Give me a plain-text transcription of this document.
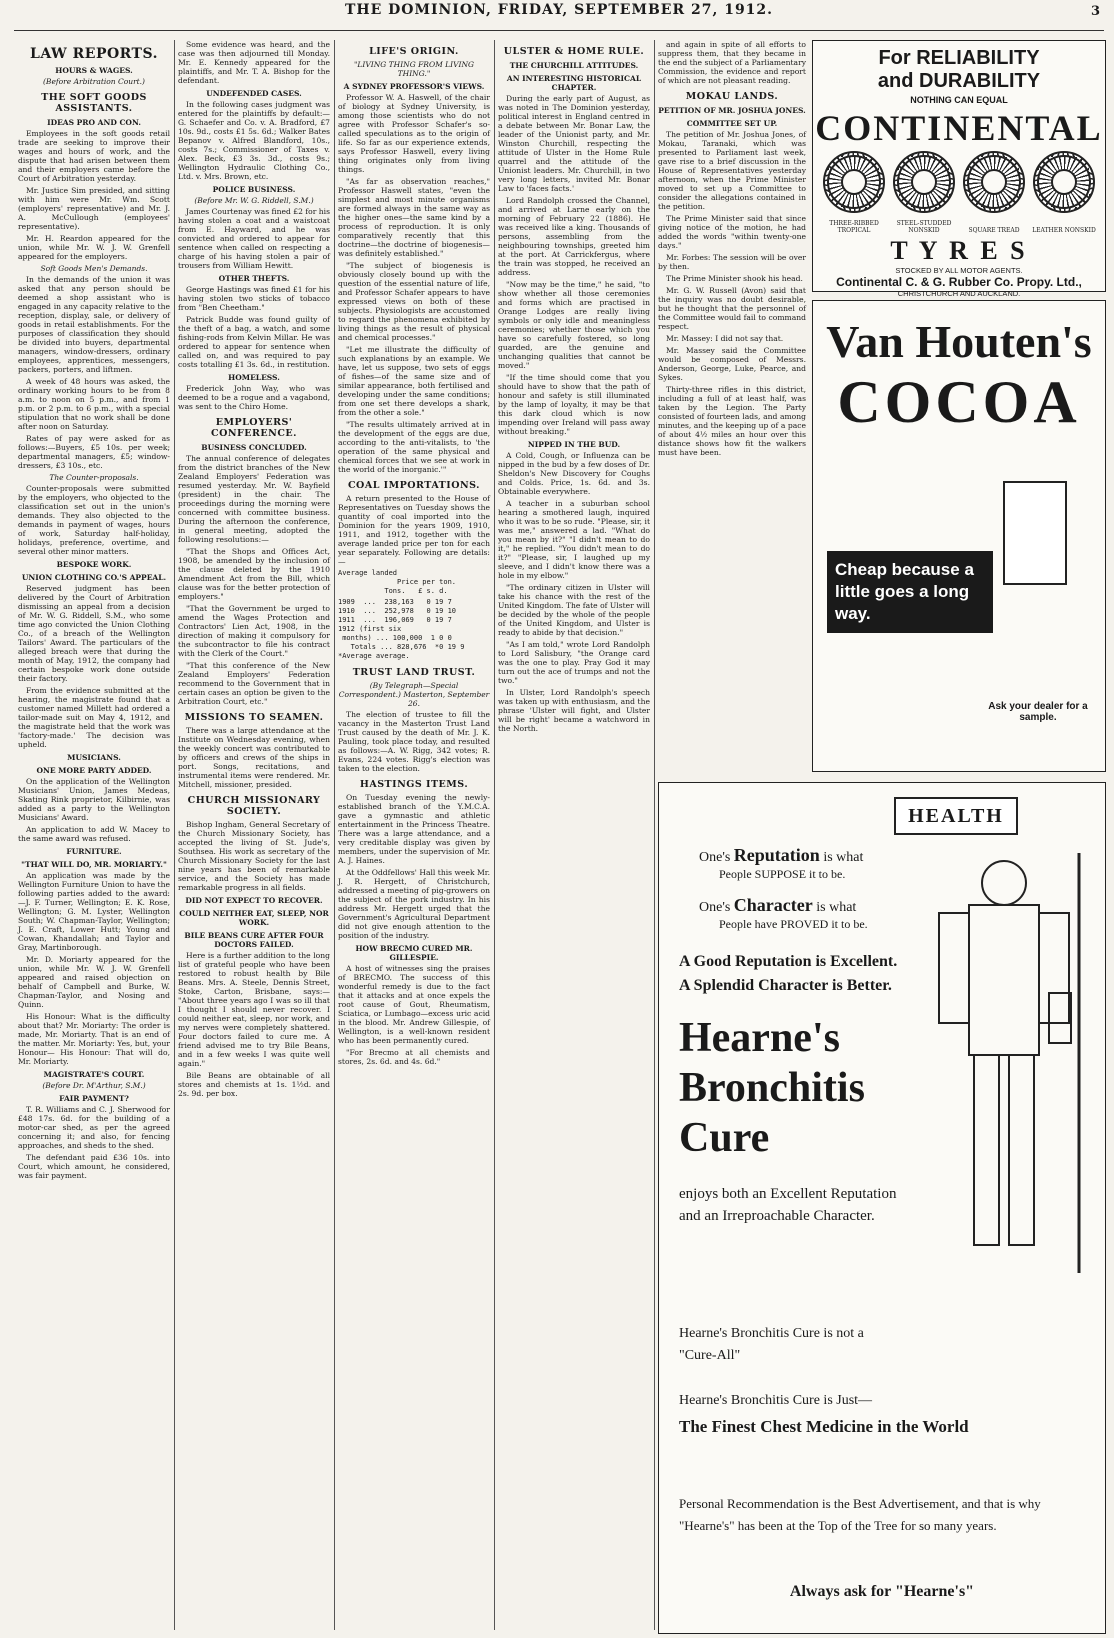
THE DOMINION, FRIDAY, SEPTEMBER 27, 1912.	3
LAW REPORTS.
HOURS & WAGES.
(Before Arbitration Court.)
THE SOFT GOODS ASSISTANTS.
IDEAS PRO AND CON.

Employees in the soft goods retail trade are seeking to improve their wages and hours of work, and the dispute that had arisen between them and their employers came before the Court of Arbitration yesterday.

Mr. Justice Sim presided, and sitting with him were Mr. Wm. Scott (employers' representative) and Mr. J. A. McCullough (employees' representative).

Mr. H. Reardon appeared for the union, while Mr. W. J. W. Grenfell appeared for the employers.

Soft Goods Men's Demands.

In the demands of the union it was asked that any person should be deemed a shop assistant who is engaged in any capacity relative to the reception, display, sale, or delivery of goods in retail establishments. For the purposes of classification they should be divided into buyers, departmental managers, window-dressers, ordinary employees, apprentices, messengers, packers, porters, and liftmen.

A week of 48 hours was asked, the ordinary working hours to be from 8 a.m. to noon on 5 p.m., and from 1 p.m. or 2 p.m. to 6 p.m., with a special stipulation that no work shall be done after noon on Saturday.

Rates of pay were asked for as follows:—Buyers, £5 10s. per week; departmental managers, £5; window-dressers, £3 10s., etc.

The Counter-proposals.

Counter-proposals were submitted by the employers, who objected to the classification set out in the union's demands. They also objected to the demands in payment of wages, hours of work, Saturday half-holiday, holidays, preference, overtime, and several other minor matters.

BESPOKE WORK.
UNION CLOTHING CO.'S APPEAL.

Reserved judgment has been delivered by the Court of Arbitration dismissing an appeal from a decision of Mr. W. G. Riddell, S.M., who some time ago convicted the Union Clothing Co., of a breach of the Wellington Tailors' Award. The particulars of the alleged breach were that during the month of May, 1912, the company had certain bespoke work done outside their factory.

From the evidence submitted at the hearing, the magistrate found that a customer named Millett had ordered a tailor-made suit on May 4, 1912, and the magistrate held that the work was 'factory-made.' The decision was upheld.

MUSICIANS.
ONE MORE PARTY ADDED.

On the application of the Wellington Musicians' Union, James Medeas, Skating Rink proprietor, Kilbirnie, was added as a party to the Wellington Musicians' Award.

An application to add W. Macey to the same award was refused.

FURNITURE.
"THAT WILL DO, MR. MORIARTY."

An application was made by the Wellington Furniture Union to have the following parties added to the award:—J. F. Turner, Wellington; E. K. Rose, Wellington; G. M. Lyster, Wellington South; W. Chapman-Taylor, Wellington; J. E. Craft, Lower Hutt; Young and Cowan, Khandallah; and Taylor and Gray, Martinborough.

Mr. D. Moriarty appeared for the union, while Mr. W. J. W. Grenfell appeared and raised objection on behalf of Campbell and Burke, W. Chapman-Taylor, and Nosing and Quinn.

His Honour: What is the difficulty about that? Mr. Moriarty: The order is made, Mr. Moriarty. That is an end of the matter. Mr. Moriarty: Yes, but, your Honour— His Honour: That will do, Mr. Moriarty.

MAGISTRATE'S COURT.
(Before Dr. M'Arthur, S.M.)
FAIR PAYMENT?

T. R. Williams and C. J. Sherwood for £48 17s. 6d. for the building of a motor-car shed, as per the agreed concerning it; and also, for fencing approaches, and sheds to the shed.

The defendant paid £36 10s. into Court, which amount, he considered, was fair payment.

Some evidence was heard, and the case was then adjourned till Monday. Mr. E. Kennedy appeared for the plaintiffs, and Mr. T. A. Bishop for the defendant.

UNDEFENDED CASES.

In the following cases judgment was entered for the plaintiffs by default:—G. Schaefer and Co. v. A. Bradford, £7 10s. 9d., costs £1 5s. 6d.; Walker Bates Bepanov v. Alfred Blandford, 10s., costs 7s.; Commissioner of Taxes v. Alex. Beck, £3 3s. 3d., costs 9s.; Wellington Hydraulic Clothing Co., Ltd. v. Mrs. Brown, etc.

POLICE BUSINESS.
(Before Mr. W. G. Riddell, S.M.)

James Courtenay was fined £2 for his having stolen a coat and a waistcoat from E. Hayward, and he was convicted and ordered to appear for sentence when called on respecting a charge of his having stolen a pair of trousers from William Hewitt.

OTHER THEFTS.

George Hastings was fined £1 for his having stolen two sticks of tobacco from "Ben Cheetham."

Patrick Budde was found guilty of the theft of a bag, a watch, and some fishing-rods from Kelvin Millar. He was ordered to appear for sentence when called on, and was required to pay costs totalling £1 3s. 6d., in restitution.

HOMELESS.

Frederick John Way, who was deemed to be a rogue and a vagabond, was sent to the Chiro Home.

EMPLOYERS' CONFERENCE.
BUSINESS CONCLUDED.

The annual conference of delegates from the district branches of the New Zealand Employers' Federation was resumed yesterday. Mr. W. Bayfield (president) in the chair. The proceedings during the morning were concerned with committee business. During the afternoon the conference, in general meeting, adopted the following resolutions:—

"That the Shops and Offices Act, 1908, be amended by the inclusion of the clause deleted by the 1910 Amendment Act from the Bill, which clause was for the better protection of employers."

"That the Government be urged to amend the Wages Protection and Contractors' Lien Act, 1908, in the direction of making it compulsory for the subcontractor to file his contract with the Clerk of the Court."

"That this conference of the New Zealand Employers' Federation recommend to the Government that in certain cases an option be given to the Arbitration Court, etc."

MISSIONS TO SEAMEN.

There was a large attendance at the Institute on Wednesday evening, when the weekly concert was contributed to by officers and crews of the ships in port. Songs, recitations, and instrumental items were rendered. Mr. Mitchell, missioner, presided.

CHURCH MISSIONARY SOCIETY.

Bishop Ingham, General Secretary of the Church Missionary Society, has accepted the living of St. Jude's, Southsea. His work as secretary of the Church Missionary Society for the last nine years has been of remarkable service, and the Society has made remarkable progress in all fields.

DID NOT EXPECT TO RECOVER.
COULD NEITHER EAT, SLEEP, NOR WORK.
BILE BEANS CURE AFTER FOUR DOCTORS FAILED.

Here is a further addition to the long list of grateful people who have been restored to robust health by Bile Beans. Mrs. A. Steele, Dennis Street, Stoke, Carton, Brisbane, says:— "About three years ago I was so ill that I thought I should never recover. I could neither eat, sleep, nor work, and my nerves were completely shattered. Four doctors failed to cure me. A friend advised me to try Bile Beans, and in a few weeks I was quite well again."

Bile Beans are obtainable of all stores and chemists at 1s. 1½d. and 2s. 9d. per box.

LIFE'S ORIGIN.
"LIVING THING FROM LIVING THING."
A SYDNEY PROFESSOR'S VIEWS.

Professor W. A. Haswell, of the chair of biology at Sydney University, is among those scientists who do not agree with Professor Schafer's so-called speculations as to the origin of life. So far as our experience extends, says Professor Haswell, every living thing originates only from living things.

"As far as observation reaches," Professor Haswell states, "even the simplest and most minute organisms are formed always in the same way as the higher ones—the same kind by a process of reproduction. It is only comparatively recently that this doctrine—the doctrine of biogenesis—was definitely established."

"The subject of biogenesis is obviously closely bound up with the question of the essential nature of life, and Professor Schafer appears to have expressed views on both of these subjects. Physiologists are accustomed to regard the phenomena exhibited by living things as the result of physical and chemical processes."

"Let me illustrate the difficulty of such explanations by an example. We have, let us suppose, two sets of eggs of fishes—of the same size and of similar appearance, both fertilised and developing under the same conditions; from one set there develops a shark, from the other a sole."

"The results ultimately arrived at in the development of the eggs are due, according to the anti-vitalists, to 'the operation of the same physical and chemical forces that we see at work in the world of the inorganic.'"

COAL IMPORTATIONS.

A return presented to the House of Representatives on Tuesday shows the quantity of coal imported into the Dominion for the years 1909, 1910, 1911, and 1912, together with the average landed price per ton for each year separately. Following are details:—

Average landed
Price per ton.
Tons.   £ s. d.
1909  ...  238,163   0 19 7
1910  ...  252,978   0 19 10
1911  ...  196,069   0 19 7
1912 (first six
months) ... 100,000  1 0 0
Totals ... 828,676  *0 19 9
*Average average.
TRUST LAND TRUST.
(By Telegraph—Special Correspondent.) Masterton, September 26.

The election of trustee to fill the vacancy in the Masterton Trust Land Trust caused by the death of Mr. J. K. Pauling, took place today, and resulted as follows:—A. W. Rigg, 342 votes; R. Evans, 224 votes. Rigg's election was taken to the election.

HASTINGS ITEMS.

On Tuesday evening the newly-established branch of the Y.M.C.A. gave a gymnastic and athletic entertainment in the Princess Theatre. There was a large attendance, and a very creditable display was given by members, under the supervision of Mr. A. J. Haines.

At the Oddfellows' Hall this week Mr. J. R. Hergett, of Christchurch, addressed a meeting of pig-growers on the subject of the pork industry. In his address Mr. Hergett urged that the Government's Agricultural Department did not give enough attention to the position of the industry.

HOW BRECMO CURED MR. GILLESPIE.

A host of witnesses sing the praises of BRECMO. The success of this wonderful remedy is due to the fact that it attacks and at once expels the root cause of Gout, Rheumatism, Sciatica, or Lumbago—excess uric acid in the blood. Mr. Andrew Gillespie, of Wellington, is a well-known resident who has been permanently cured.

"For Brecmo at all chemists and stores, 2s. 6d. and 4s. 6d."

ULSTER & HOME RULE.
THE CHURCHILL ATTITUDES.
AN INTERESTING HISTORICAL CHAPTER.

During the early part of August, as was noted in The Dominion yesterday, political interest in England centred in a debate between Mr. Bonar Law, the leader of the Unionist party, and Mr. Winston Churchill, respecting the attitude of Ulster in the Home Rule quarrel and the attitude of the Unionist leaders. Mr. Churchill, in two very long letters, invited Mr. Bonar Law to 'faces facts.'

Lord Randolph crossed the Channel, and arrived at Larne early on the morning of February 22 (1886). He was received like a king. Thousands of persons, assembling from the neighbouring townships, greeted him at the port. At Carrickfergus, where the train was stopped, he received an address.

"Now may be the time," he said, "to show whether all those ceremonies and forms which are practised in Orange Lodges are really living symbols or only idle and meaningless ceremonies; whether those which you have so carefully fostered, so long guarded, are the genuine and unchanging qualities that cannot be moved."

"If the time should come that you should have to show that the path of honour and safety is still illuminated by the lamp of loyalty, it may be that this dark cloud which is now impending over Ireland will pass away without breaking."

NIPPED IN THE BUD.

A Cold, Cough, or Influenza can be nipped in the bud by a few doses of Dr. Sheldon's New Discovery for Coughs and Colds. Price, 1s. 6d. and 3s. Obtainable everywhere.

A teacher in a suburban school hearing a smothered laugh, inquired who it was to be so rude. "Please, sir, it was me," answered a lad. "What do you mean by it?" "I didn't mean to do it," he replied. "You didn't mean to do it?" "Please, sir, I laughed up my sleeve, and I didn't know there was a hole in my elbow."

"The ordinary citizen in Ulster will take his chance with the rest of the United Kingdom. The fate of Ulster will be decided by the whole of the people of the United Kingdom, and Ulster is ready to abide by that decision."

"As I am told," wrote Lord Randolph to Lord Salisbury, "the Orange card was the one to play. Pray God it may turn out the ace of trumps and not the two."

In Ulster, Lord Randolph's speech was taken up with enthusiasm, and the phrase 'Ulster will fight, and Ulster will be right' became a watchword in the North.

and again in spite of all efforts to suppress them, that they became in the end the subject of a Parliamentary Commission, the evidence and report of which are not pleasant reading.

MOKAU LANDS.
PETITION OF MR. JOSHUA JONES.
COMMITTEE SET UP.

The petition of Mr. Joshua Jones, of Mokau, Taranaki, which was presented to Parliament last week, gave rise to a brief discussion in the House of Representatives yesterday afternoon, when the Prime Minister moved to set up a Committee to consider the allegations contained in the petition.

The Prime Minister said that since giving notice of the motion, he had added the words "within twenty-one days."

Mr. Forbes: The session will be over by then.

The Prime Minister shook his head.

Mr. G. W. Russell (Avon) said that the inquiry was no doubt desirable, but he thought that the personnel of the Committee would fail to command respect.

Mr. Massey: I did not say that.

Mr. Massey said the Committee would be composed of Messrs. Anderson, George, Luke, Pearce, and Sykes.

Thirty-three rifles in this district, including a full of at least half, was taken by the Legion. The Party consisted of fourteen lads, and among minutes, and the keeping up of a pace of about 4½ miles an hour over this distance shows how fit the walkers must have been.

For RELIABILITY
and DURABILITY
NOTHING CAN EQUAL
CONTINENTAL
THREE-RIBBED TROPICALSTEEL-STUDDED NONSKID	SQUARE TREAD LEATHER NONSKID
T Y R E S
STOCKED BY ALL MOTOR AGENTS.
Continental C. & G. Rubber Co. Propy. Ltd.,
CHRISTCHURCH AND AUCKLAND.
Van Houten's
COCOA
Cheap because a little goes a long way.
Ask your dealer for a sample.
HEALTH
One's Reputation is what
People SUPPOSE it to be.
One's Character is what
People have PROVED it to be.
A Good Reputation is Excellent.
A Splendid Character is Better.
Hearne's Bronchitis Cure
enjoys both an Excellent Reputation and an Irreproachable Character.
Hearne's Bronchitis Cure is not a "Cure-All"
Hearne's Bronchitis Cure is Just—
The Finest Chest Medicine in the World
Personal Recommendation is the Best Advertisement, and that is why "Hearne's" has been at the Top of the Tree for so many years.
Always ask for "Hearne's"
